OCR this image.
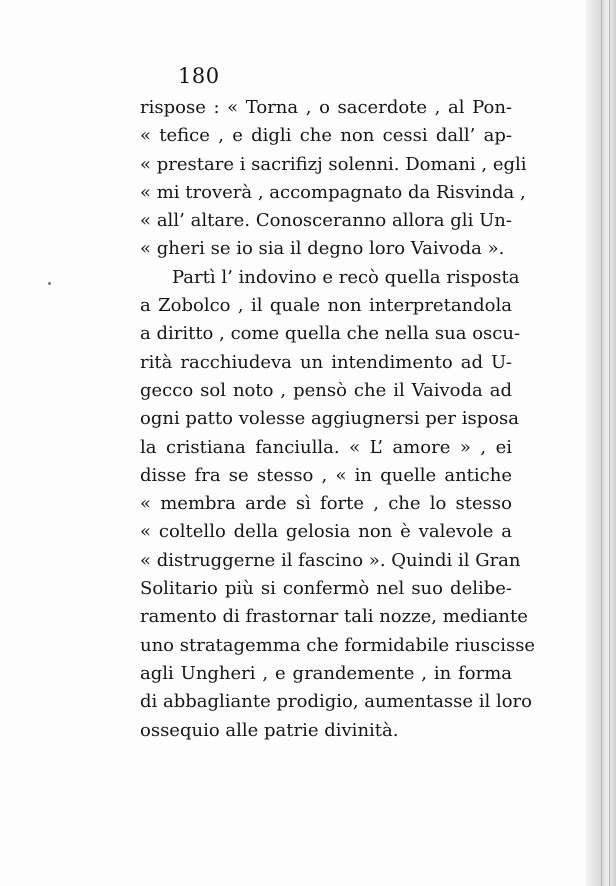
180
rispose : « Torna , o sacerdote , al Pon-
« tefice , e digli che non cessi dall’ ap-
« prestare i sacrifizj solenni. Domani , egli
« mi troverà , accompagnato da Risvinda ,
« all’ altare. Conosceranno allora gli Un-
« gheri se io sia il degno loro Vaivoda ».
Partì l’ indovino e recò quella risposta
a Zobolco , il quale non interpretandola
a diritto , come quella che nella sua oscu-
rità racchiudeva un intendimento ad U-
gecco sol noto , pensò che il Vaivoda ad
ogni patto volesse aggiugnersi per isposa
la cristiana fanciulla. « L’ amore » , ei
disse fra se stesso , « in quelle antiche
« membra arde sì forte , che lo stesso
« coltello della gelosia non è valevole a
« distruggerne il fascino ». Quindi il Gran
Solitario più si confermò nel suo delibe-
ramento di frastornar tali nozze, mediante
uno stratagemma che formidabile riuscisse
agli Ungheri , e grandemente , in forma
di abbagliante prodigio, aumentasse il loro
ossequio alle patrie divinità.
